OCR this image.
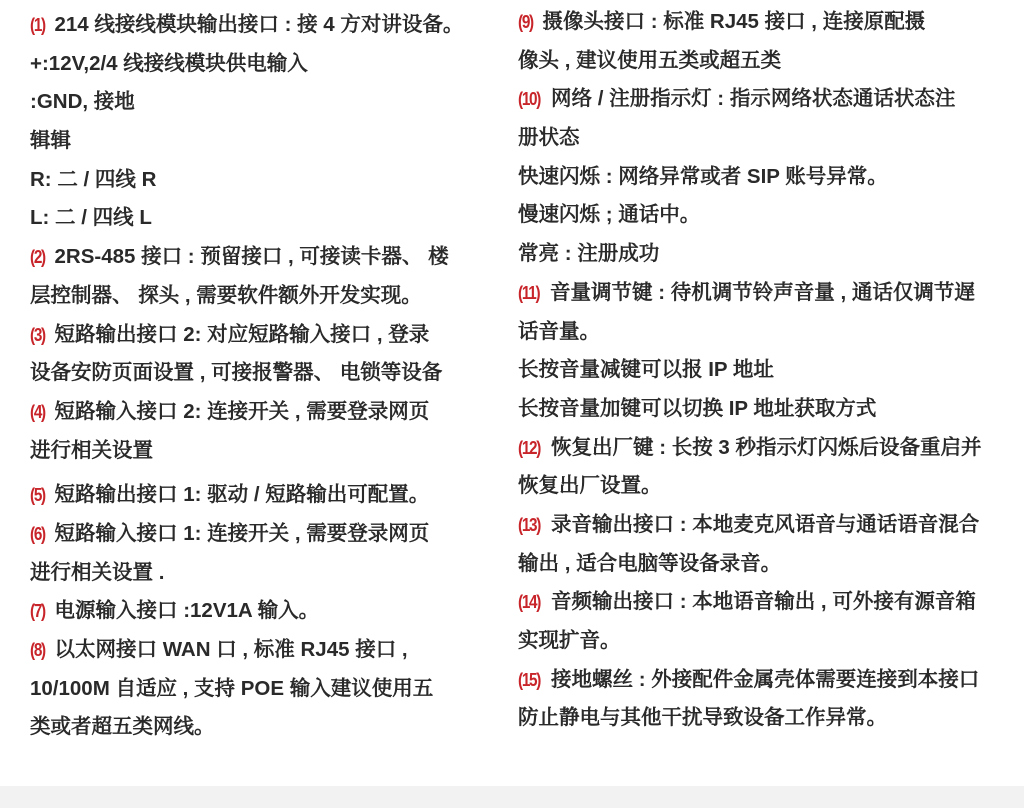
(1) 214 线接线模块输出接口 : 接 4 方对讲设备。
+:12V,2/4 线接线模块供电输入
:GND, 接地
辑辑
R: 二 / 四线 R
L: 二 / 四线 L
(2) 2RS-485 接口 : 预留接口 , 可接读卡器、 楼
层控制器、 探头 , 需要软件额外开发实现。
(3) 短路输出接口 2: 对应短路输入接口 , 登录
设备安防页面设置 , 可接报警器、 电锁等设备
(4) 短路输入接口 2: 连接开关 , 需要登录网页
进行相关设置
(5) 短路输出接口 1: 驱动 / 短路输出可配置。
(6) 短路输入接口 1: 连接开关 , 需要登录网页
进行相关设置 .
(7) 电源输入接口 :12V1A 输入。
(8) 以太网接口 WAN 口 , 标准 RJ45 接口 ,
10/100M 自适应 , 支持 POE 输入建议使用五
类或者超五类网线。
(9) 摄像头接口 : 标准 RJ45 接口 , 连接原配摄
像头 , 建议使用五类或超五类
(10) 网络 / 注册指示灯 : 指示网络状态通话状态注
册状态
快速闪烁 : 网络异常或者 SIP 账号异常。
慢速闪烁 ; 通话中。
常亮 : 注册成功
(11) 音量调节键 : 待机调节铃声音量 , 通话仅调节遅
话音量。
长按音量减键可以报 IP 地址
长按音量加键可以切换 IP 地址获取方式
(12) 恢复出厂键 : 长按 3 秒指示灯闪烁后设备重启并
恢复出厂设置。
(13) 录音输出接口 : 本地麦克风语音与通话语音混合
输出 , 适合电脑等设备录音。
(14) 音频输出接口 : 本地语音输出 , 可外接有源音箱
实现扩音。
(15) 接地螺丝 : 外接配件金属壳体需要连接到本接口
防止静电与其他干扰导致设备工作异常。
